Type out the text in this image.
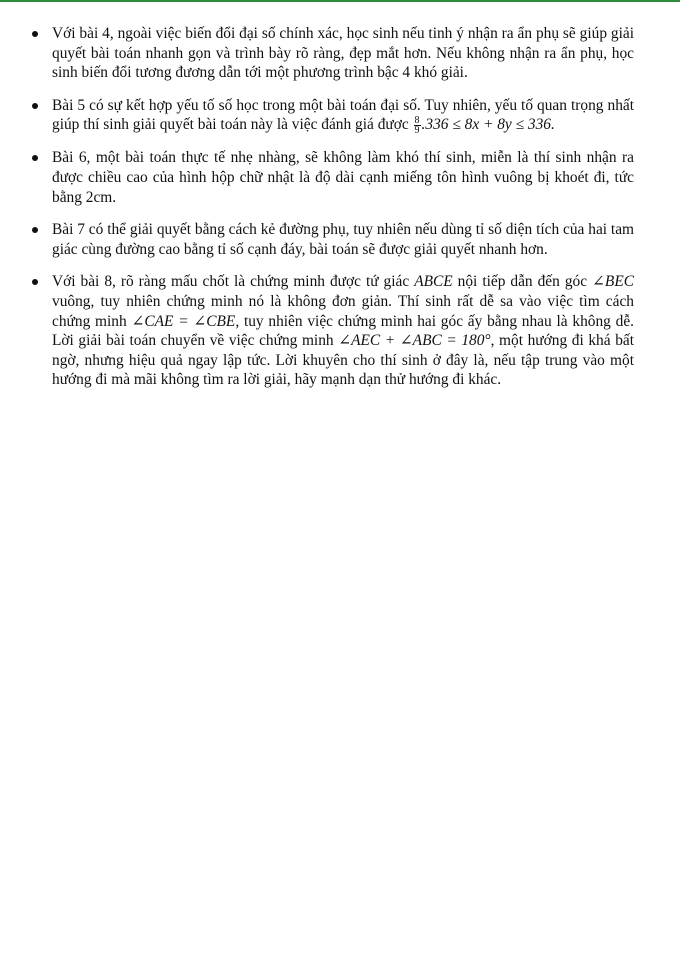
Với bài 4, ngoài việc biến đổi đại số chính xác, học sinh nếu tinh ý nhận ra ẩn phụ sẽ giúp giải quyết bài toán nhanh gọn và trình bày rõ ràng, đẹp mắt hơn. Nếu không nhận ra ẩn phụ, học sinh biến đổi tương đương dẫn tới một phương trình bậc 4 khó giải.
Bài 5 có sự kết hợp yếu tố số học trong một bài toán đại số. Tuy nhiên, yếu tố quan trọng nhất giúp thí sinh giải quyết bài toán này là việc đánh giá được $\frac{8}{9} .336 \le 8x + 8y \le 336$.
Bài 6, một bài toán thực tế nhẹ nhàng, sẽ không làm khó thí sinh, miễn là thí sinh nhận ra được chiều cao của hình hộp chữ nhật là độ dài cạnh miếng tôn hình vuông bị khoét đi, tức bằng 2cm.
Bài 7 có thể giải quyết bằng cách kẻ đường phụ, tuy nhiên nếu dùng tỉ số diện tích của hai tam giác cùng đường cao bằng tỉ số cạnh đáy, bài toán sẽ được giải quyết nhanh hơn.
Với bài 8, rõ ràng mấu chốt là chứng minh được tứ giác ABCE nội tiếp dẫn đến góc ∠BEC vuông, tuy nhiên chứng minh nó là không đơn giản. Thí sinh rất dễ sa vào việc tìm cách chứng minh ∠CAE = ∠CBE, tuy nhiên việc chứng minh hai góc ấy bằng nhau là không dễ. Lời giải bài toán chuyển về việc chứng minh ∠AEC + ∠ABC = 180°, một hướng đi khá bất ngờ, nhưng hiệu quả ngay lập tức. Lời khuyên cho thí sinh ở đây là, nếu tập trung vào một hướng đi mà mãi không tìm ra lời giải, hãy mạnh dạn thử hướng đi khác.
